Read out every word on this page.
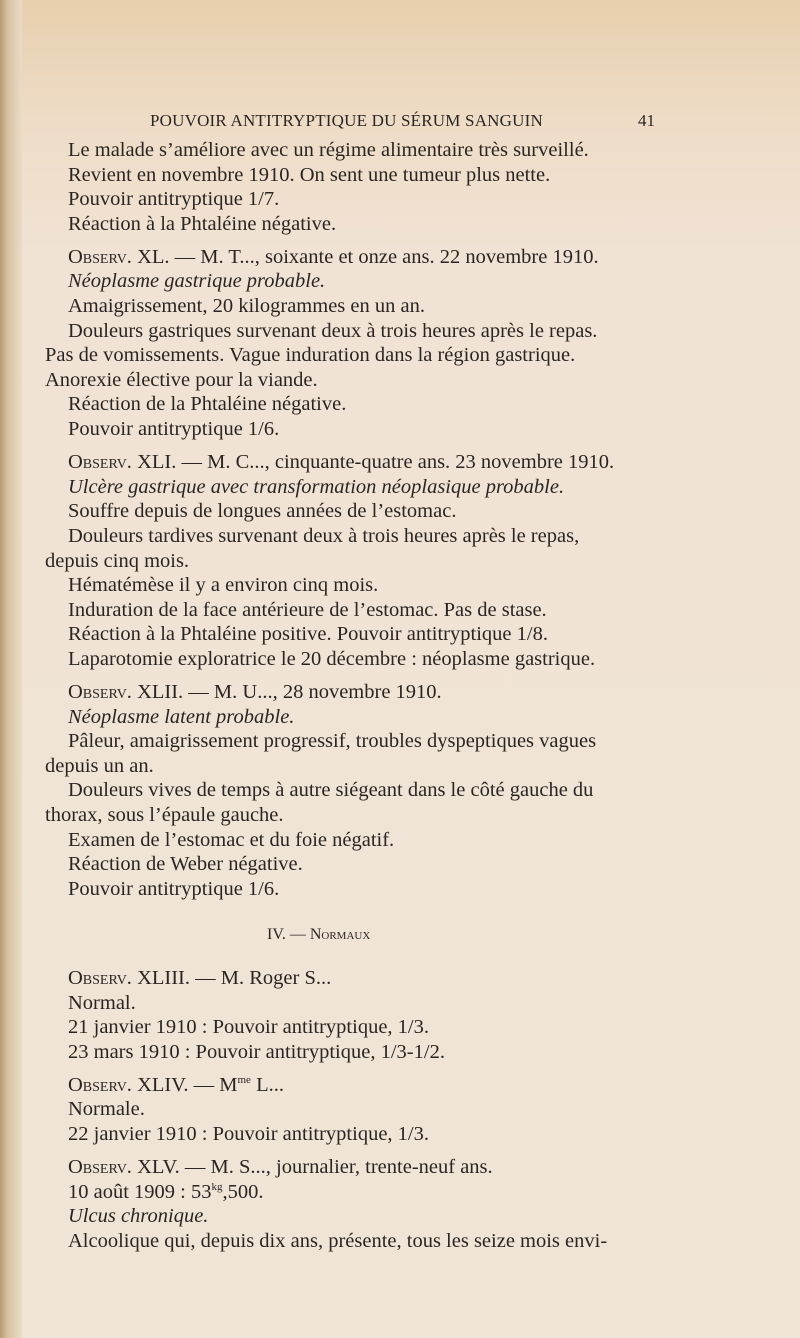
POUVOIR ANTITRYPTIQUE DU SÉRUM SANGUIN	41
Le malade s’améliore avec un régime alimentaire très surveillé.
Revient en novembre 1910. On sent une tumeur plus nette.
Pouvoir antitryptique 1/7.
Réaction à la Phtaléine négative.
Observ. XL. — M. T..., soixante et onze ans. 22 novembre 1910.
Néoplasme gastrique probable.
Amaigrissement, 20 kilogrammes en un an.
Douleurs gastriques survenant deux à trois heures après le repas.
Pas de vomissements. Vague induration dans la région gastrique.
Anorexie élective pour la viande.
Réaction de la Phtaléine négative.
Pouvoir antitryptique 1/6.
Observ. XLI. — M. C..., cinquante-quatre ans. 23 novembre 1910.
Ulcère gastrique avec transformation néoplasique probable.
Souffre depuis de longues années de l’estomac.
Douleurs tardives survenant deux à trois heures après le repas,
depuis cinq mois.
Hématémèse il y a environ cinq mois.
Induration de la face antérieure de l’estomac. Pas de stase.
Réaction à la Phtaléine positive. Pouvoir antitryptique 1/8.
Laparotomie exploratrice le 20 décembre : néoplasme gastrique.
Observ. XLII. — M. U..., 28 novembre 1910.
Néoplasme latent probable.
Pâleur, amaigrissement progressif, troubles dyspeptiques vagues
depuis un an.
Douleurs vives de temps à autre siégeant dans le côté gauche du
thorax, sous l’épaule gauche.
Examen de l’estomac et du foie négatif.
Réaction de Weber négative.
Pouvoir antitryptique 1/6.
IV. — Normaux
Observ. XLIII. — M. Roger S...
Normal.
21 janvier 1910 : Pouvoir antitryptique, 1/3.
23 mars 1910 : Pouvoir antitryptique, 1/3-1/2.
Observ. XLIV. — $M^{me}$ L...
Normale.
22 janvier 1910 : Pouvoir antitryptique, 1/3.
Observ. XLV. — M. S..., journalier, trente-neuf ans.
10 août 1909 : $53^{kg},500$.
Ulcus chronique.
Alcoolique qui, depuis dix ans, présente, tous les seize mois envi-
